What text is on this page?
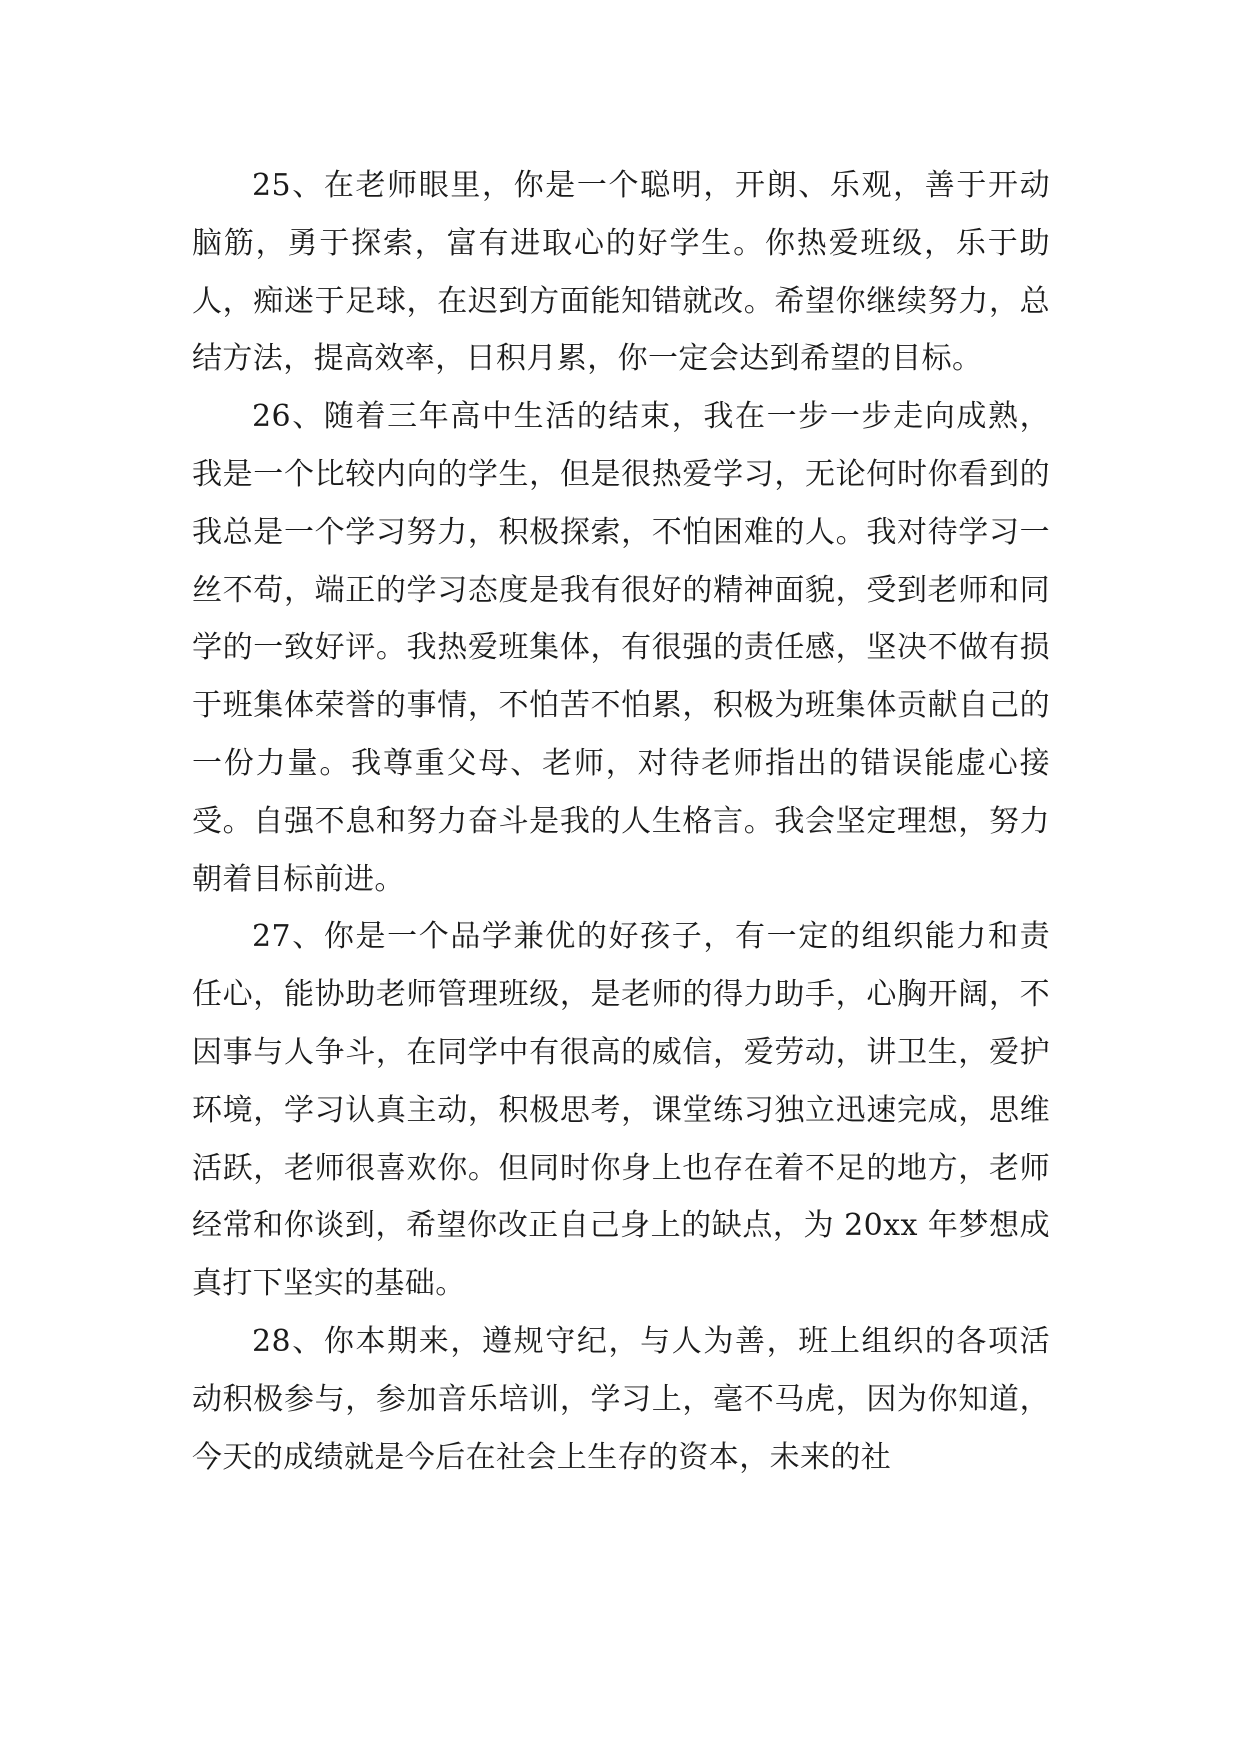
25、在老师眼里，你是一个聪明，开朗、乐观，善于开动脑筋，勇于探索，富有进取心的好学生。你热爱班级，乐于助人，痴迷于足球，在迟到方面能知错就改。希望你继续努力，总结方法，提高效率，日积月累，你一定会达到希望的目标。

26、随着三年高中生活的结束，我在一步一步走向成熟，我是一个比较内向的学生，但是很热爱学习，无论何时你看到的我总是一个学习努力，积极探索，不怕困难的人。我对待学习一丝不苟，端正的学习态度是我有很好的精神面貌，受到老师和同学的一致好评。我热爱班集体，有很强的责任感，坚决不做有损于班集体荣誉的事情，不怕苦不怕累，积极为班集体贡献自己的一份力量。我尊重父母、老师，对待老师指出的错误能虚心接受。自强不息和努力奋斗是我的人生格言。我会坚定理想，努力朝着目标前进。

27、你是一个品学兼优的好孩子，有一定的组织能力和责任心，能协助老师管理班级，是老师的得力助手，心胸开阔，不因事与人争斗，在同学中有很高的威信，爱劳动，讲卫生，爱护环境，学习认真主动，积极思考，课堂练习独立迅速完成，思维活跃，老师很喜欢你。但同时你身上也存在着不足的地方，老师经常和你谈到，希望你改正自己身上的缺点，为 20xx 年梦想成真打下坚实的基础。

28、你本期来，遵规守纪，与人为善，班上组织的各项活动积极参与，参加音乐培训，学习上，毫不马虎，因为你知道，今天的成绩就是今后在社会上生存的资本，未来的社
